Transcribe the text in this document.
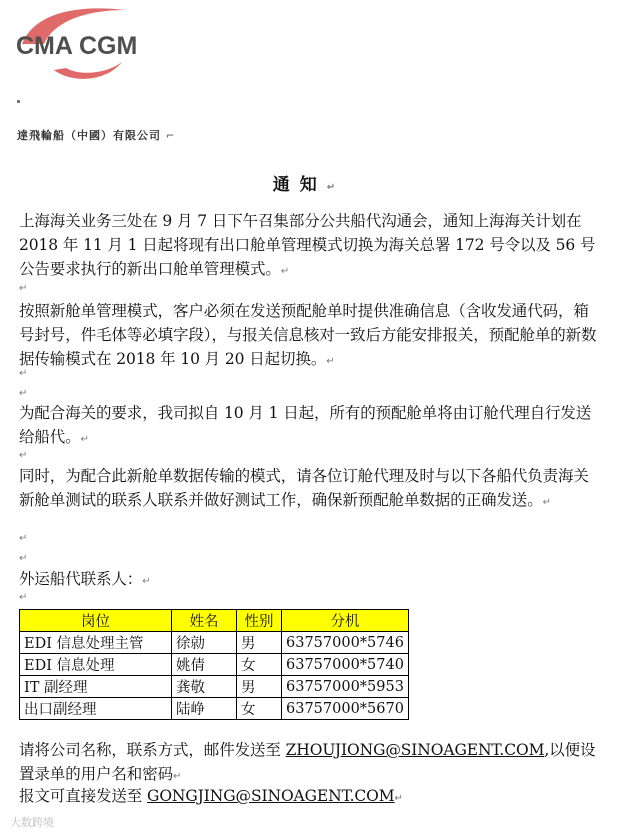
CMA CGM
達飛輪船（中國）有限公司 ⌐
通知↵
上海海关业务三处在 9 月 7 日下午召集部分公共船代沟通会，通知上海海关计划在 2018 年 11 月 1 日起将现有出口舱单管理模式切换为海关总署 172 号令以及 56 号公告要求执行的新出口舱单管理模式。↵
↵
按照新舱单管理模式，客户必须在发送预配舱单时提供准确信息（含收发通代码，箱号封号，件毛体等必填字段），与报关信息核对一致后方能安排报关，预配舱单的新数据传输模式在 2018 年 10 月 20 日起切换。↵
↵
↵
为配合海关的要求，我司拟自 10 月 1 日起，所有的预配舱单将由订舱代理自行发送给船代。↵
↵
同时，为配合此新舱单数据传输的模式，请各位订舱代理及时与以下各船代负责海关新舱单测试的联系人联系并做好测试工作，确保新预配舱单数据的正确发送。↵
↵
↵
外运船代联系人：↵
↵
岗位	姓名	性别	分机
EDI 信息处理主管	徐勍	男	63757000*5746
EDI 信息处理	姚倩	女	63757000*5740
IT 副经理	龚敬	男	63757000*5953
出口副经理	陆峥	女	63757000*5670
请将公司名称，联系方式，邮件发送至 ZHOUJIONG@SINOAGENT.COM,以便设置录单的用户名和密码↵
报文可直接发送至 GONGJING@SINOAGENT.COM↵
大数跨境
